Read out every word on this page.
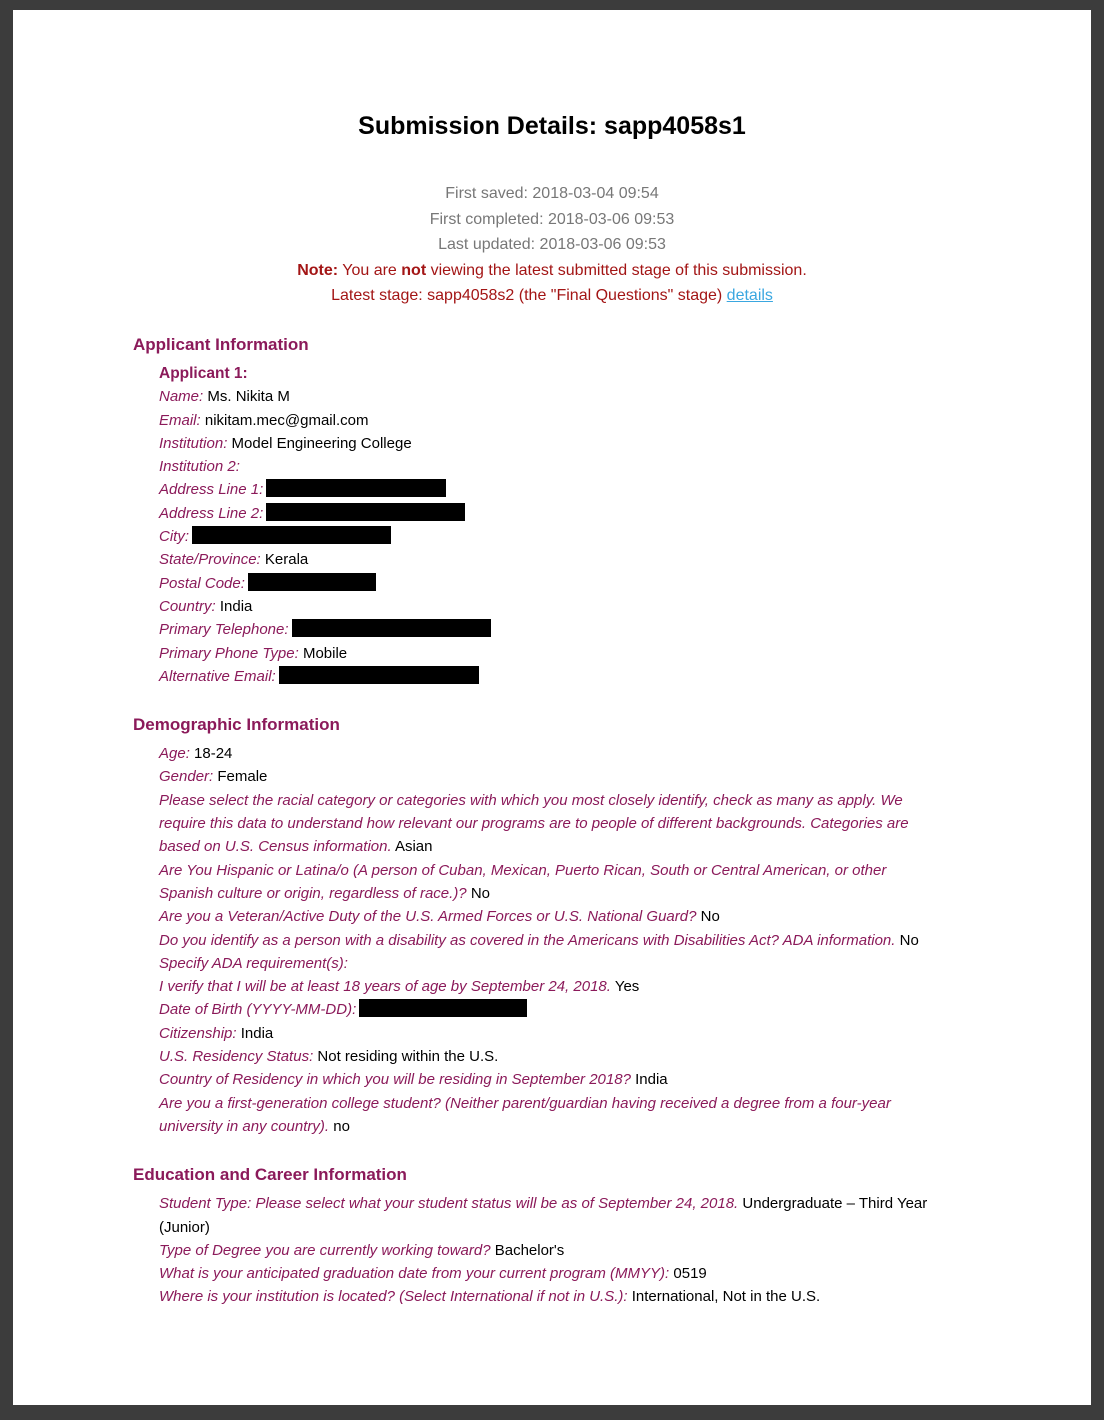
Submission Details: sapp4058s1
First saved: 2018-03-04 09:54
First completed: 2018-03-06 09:53
Last updated: 2018-03-06 09:53
Note: You are not viewing the latest submitted stage of this submission.
Latest stage: sapp4058s2 (the "Final Questions" stage) details
Applicant Information
Applicant 1:
Name: Ms. Nikita M
Email: nikitam.mec@gmail.com
Institution: Model Engineering College
Institution 2:
Address Line 1:
Address Line 2:
City:
State/Province: Kerala
Postal Code:
Country: India
Primary Telephone:
Primary Phone Type: Mobile
Alternative Email:
Demographic Information
Age: 18-24
Gender: Female
Please select the racial category or categories with which you most closely identify, check as many as apply. We require this data to understand how relevant our programs are to people of different backgrounds. Categories are based on U.S. Census information. Asian
Are You Hispanic or Latina/o (A person of Cuban, Mexican, Puerto Rican, South or Central American, or other Spanish culture or origin, regardless of race.)? No
Are you a Veteran/Active Duty of the U.S. Armed Forces or U.S. National Guard? No
Do you identify as a person with a disability as covered in the Americans with Disabilities Act? ADA information. No
Specify ADA requirement(s):
I verify that I will be at least 18 years of age by September 24, 2018. Yes
Date of Birth (YYYY-MM-DD):
Citizenship: India
U.S. Residency Status: Not residing within the U.S.
Country of Residency in which you will be residing in September 2018? India
Are you a first-generation college student? (Neither parent/guardian having received a degree from a four-year university in any country). no
Education and Career Information
Student Type: Please select what your student status will be as of September 24, 2018. Undergraduate – Third Year (Junior)
Type of Degree you are currently working toward? Bachelor's
What is your anticipated graduation date from your current program (MMYY): 0519
Where is your institution is located? (Select International if not in U.S.): International, Not in the U.S.
